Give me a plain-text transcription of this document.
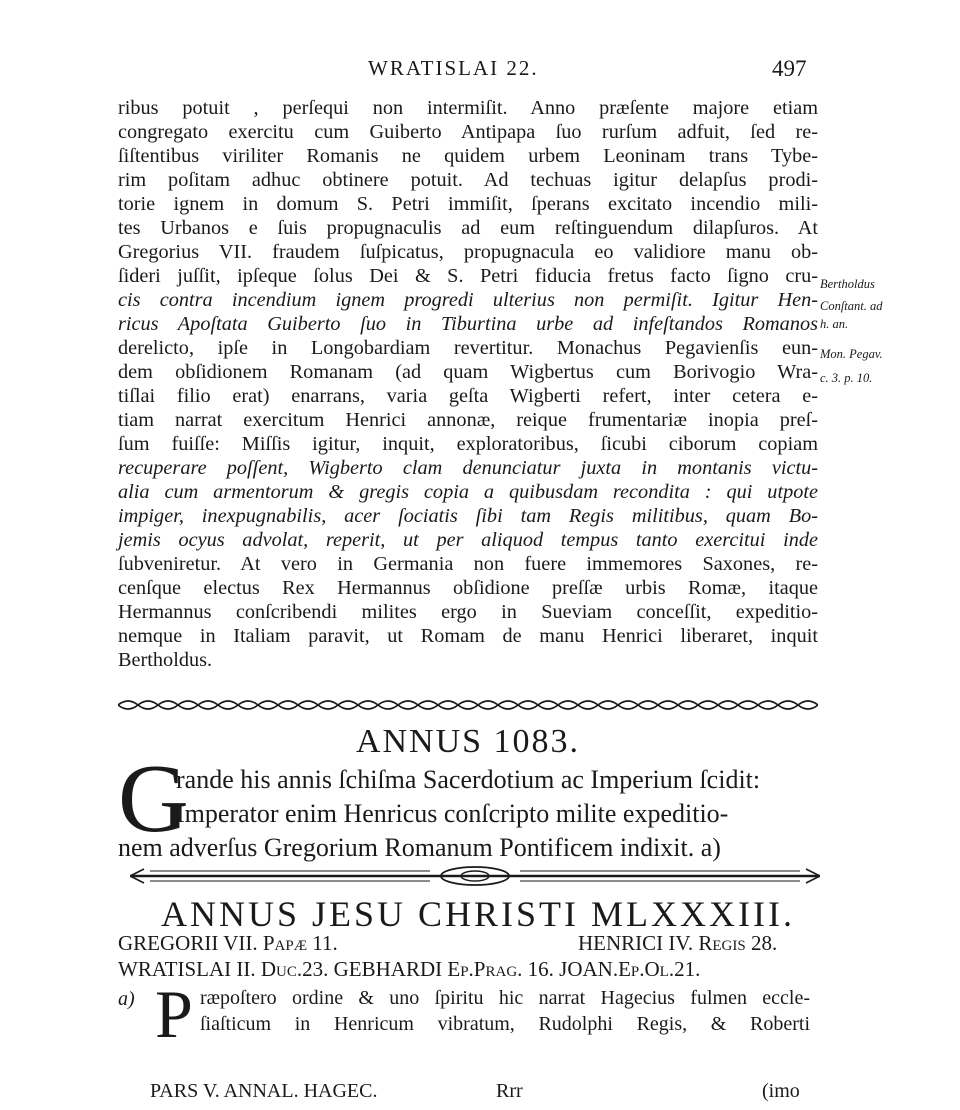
WRATISLAI 22.	497
ribus potuit , perſequi non intermiſit. Anno præſente majore etiam
congregato exercitu cum Guiberto Antipapa ſuo rurſum adfuit, ſed re-
ſiſtentibus viriliter Romanis ne quidem urbem Leoninam trans Tybe-
rim poſitam adhuc obtinere potuit. Ad techuas igitur delapſus prodi-
torie ignem in domum S. Petri immiſit, ſperans excitato incendio mili-
tes Urbanos e ſuis propugnaculis ad eum reſtinguendum dilapſuros. At
Gregorius VII. fraudem ſuſpicatus, propugnacula eo validiore manu ob-
ſideri juſſit, ipſeque ſolus Dei & S. Petri fiducia fretus facto ſigno cru-
cis contra incendium ignem progredi ulterius non permiſit. Igitur Hen-
ricus Apoſtata Guiberto ſuo in Tiburtina urbe ad infeſtandos Romanos
derelicto, ipſe in Longobardiam revertitur. Monachus Pegavienſis eun-
dem obſidionem Romanam (ad quam Wigbertus cum Borivogio Wra-
tiſlai filio erat) enarrans, varia geſta Wigberti refert, inter cetera e-
tiam narrat exercitum Henrici annonæ, reique frumentariæ inopia preſ-
ſum fuiſſe: Miſſis igitur, inquit, exploratoribus, ſicubi ciborum copiam
recuperare poſſent, Wigberto clam denunciatur juxta in montanis victu-
alia cum armentorum & gregis copia a quibusdam recondita : qui utpote
impiger, inexpugnabilis, acer ſociatis ſibi tam Regis militibus, quam Bo-
jemis ocyus advolat, reperit, ut per aliquod tempus tanto exercitui inde
ſubveniretur. At vero in Germania non fuere immemores Saxones, re-
cenſque electus Rex Hermannus obſidione preſſæ urbis Romæ, itaque
Hermannus conſcribendi milites ergo in Sueviam conceſſit, expeditio-
nemque in Italiam paravit, ut Romam de manu Henrici liberaret, inquit
Bertholdus.
Bertholdus
Conſtant. ad
h. an.
Mon. Pegav.
c. 3. p. 10.
ANNUS 1083.
G
rande his annis ſchiſma Sacerdotium ac Imperium ſcidit:
Imperator enim Henricus conſcripto milite expeditio-
nem adverſus Gregorium Romanum Pontificem indixit. a)
ANNUS JESU CHRISTI MLXXXIII.
GREGORII VII. Papæ 11.	HENRICI IV. Regis 28.
WRATISLAI II. Duc.23. GEBHARDI Ep.Prag. 16. JOAN.Ep.Ol.21.
a) P ræpoſtero ordine & uno ſpiritu hic narrat Hagecius fulmen eccle-
ſiaſticum in Henricum vibratum, Rudolphi Regis, & Roberti
PARS V. ANNAL. HAGEC.	Rrr	(imo
